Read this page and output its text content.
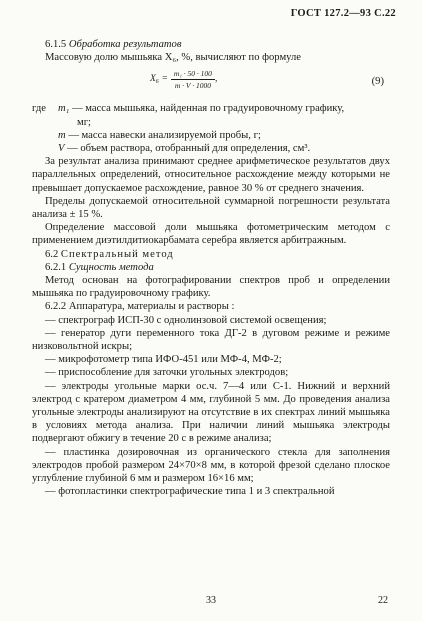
ГОСТ 127.2—93 С.22

6.1.5 Обработка результатов

Массовую долю мышьяка X₆, %, вычисляют по формуле

$X_6 = \frac{\text{m₁ · 50 · 100}}{m \cdot V \cdot 1000}$ ,	(9)
где	m₁ — масса мышьяка, найденная по градуировочному графику,
мг;
m — масса навески анализируемой пробы, г;
V — объем раствора, отобранный для определения, см³.

За результат анализа принимают среднее арифметическое результатов двух параллельных определений, относительное расхождение между которыми не превышает допускаемое расхождение, равное 30 % от среднего значения.

Пределы допускаемой относительной суммарной погрешности результата анализа ± 15 %.

Определение массовой доли мышьяка фотометрическим методом с применением диэтилдитиокарбамата серебра является арбитражным.

6.2 Спектральный метод

6.2.1 Сущность метода

Метод основан на фотографировании спектров проб и определении мышьяка по градуировочному графику.

6.2.2 Аппаратура, материалы и растворы :

— спектрограф ИСП-30 с однолинзовой системой освещения;

— генератор дуги переменного тока ДГ-2 в дуговом режиме и режиме низковольтной искры;

— микрофотометр типа ИФО-451 или МФ-4, МФ-2;

— приспособление для заточки угольных электродов;

— электроды угольные марки ос.ч. 7—4 или С-1. Нижний и верхний электрод с кратером диаметром 4 мм, глубиной 5 мм. До проведения анализа угольные электроды анализируют на отсутствие в их спектрах линий мышьяка в условиях метода анализа. При наличии линий мышьяка электроды подвергают обжигу в течение 20 с в режиме анализа;

— пластинка дозировочная из органического стекла для заполнения электродов пробой размером 24×70×8 мм, в которой фрезой сделано плоское углубление глубиной 6 мм и размером 16×16 мм;

— фотопластинки спектрографические типа 1 и 3 спектральной

33	22
